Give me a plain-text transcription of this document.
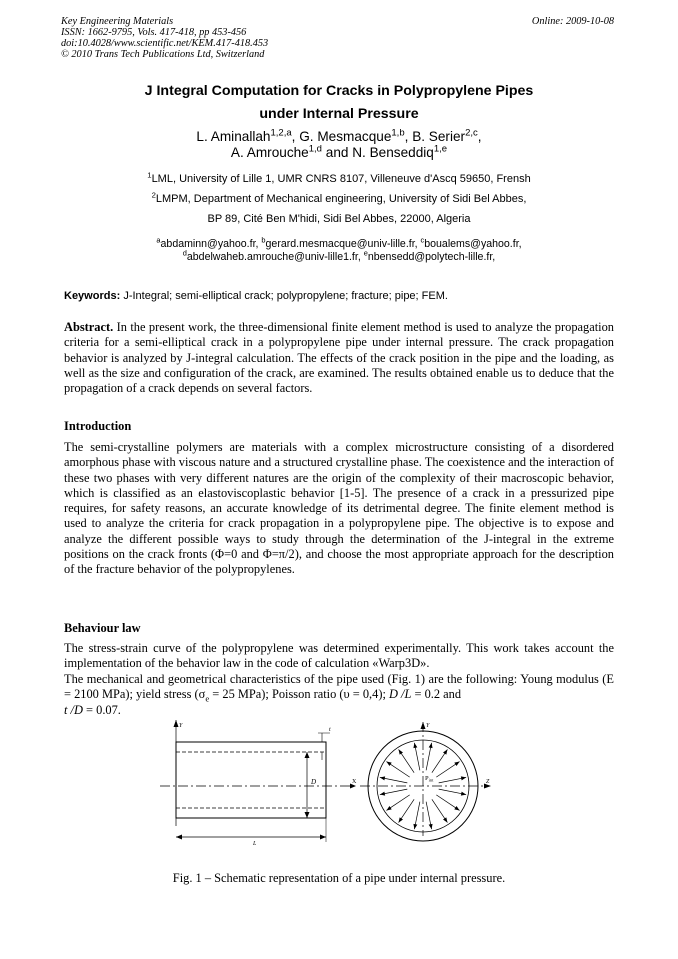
Key Engineering Materials
ISSN: 1662-9795, Vols. 417-418, pp 453-456
doi:10.4028/www.scientific.net/KEM.417-418.453
© 2010 Trans Tech Publications Ltd, Switzerland
Online: 2009-10-08
J Integral Computation for Cracks in Polypropylene Pipes
under Internal Pressure
L. Aminallah$^{1,2,a}$, G. Mesmacque$^{1,b}$, B. Serier$^{2,c}$,
A. Amrouche$^{1,d}$ and N. Benseddiq$^{1,e}$
$^1$LML, University of Lille 1, UMR CNRS 8107, Villeneuve d'Ascq 59650, Frensh
$^2$LMPM, Department of Mechanical engineering, University of Sidi Bel Abbes,
BP 89, Cité Ben M'hidi, Sidi Bel Abbes, 22000, Algeria
$^a$abdaminn@yahoo.fr, $^b$gerard.mesmacque@univ-lille.fr, $^c$boualems@yahoo.fr,
$^d$abdelwaheb.amrouche@univ-lille1.fr, $^e$nbensedd@polytech-lille.fr,
Keywords: J-Integral; semi-elliptical crack; polypropylene; fracture; pipe; FEM.
Abstract. In the present work, the three-dimensional finite element method is used to analyze the propagation criteria for a semi-elliptical crack in a polypropylene pipe under internal pressure. The crack propagation behavior is analyzed by J-integral calculation. The effects of the crack position in the pipe and the loading, as well as the size and configuration of the crack, are examined. The results obtained enable us to deduce that the propagation of a crack depends on several factors.
Introduction
The semi-crystalline polymers are materials with a complex microstructure consisting of a disordered amorphous phase with viscous nature and a structured crystalline phase. The coexistence and the interaction of these two phases with very different natures are the origin of the complexity of their macroscopic behavior, which is classified as an elastoviscoplastic behavior [1-5]. The presence of a crack in a pressurized pipe requires, for safety reasons, an accurate knowledge of its detrimental degree. The finite element method is used to analyze the criteria for crack propagation in a polypropylene pipe. The objective is to expose and analyze the different possible ways to study through the determination of the J-integral in the extreme positions on the crack fronts (Φ=0 and Φ=π/2), and choose the most appropriate approach for the description of the fracture behavior of the polypropylenes.
Behaviour law
The stress-strain curve of the polypropylene was determined experimentally. This work takes account the implementation of the behavior law in the code of calculation «Warp3D».
The mechanical and geometrical characteristics of the pipe used (Fig. 1) are the following: Young modulus (E = 2100 MPa); yield stress ($\sigma_e = 25$ MPa); Poisson ratio (υ = 0,4); D /L = 0.2 and
t /D = 0.07.
Y
t
D	X
L
Y
Z
$P_{int}$
Fig. 1 – Schematic representation of a pipe under internal pressure.
